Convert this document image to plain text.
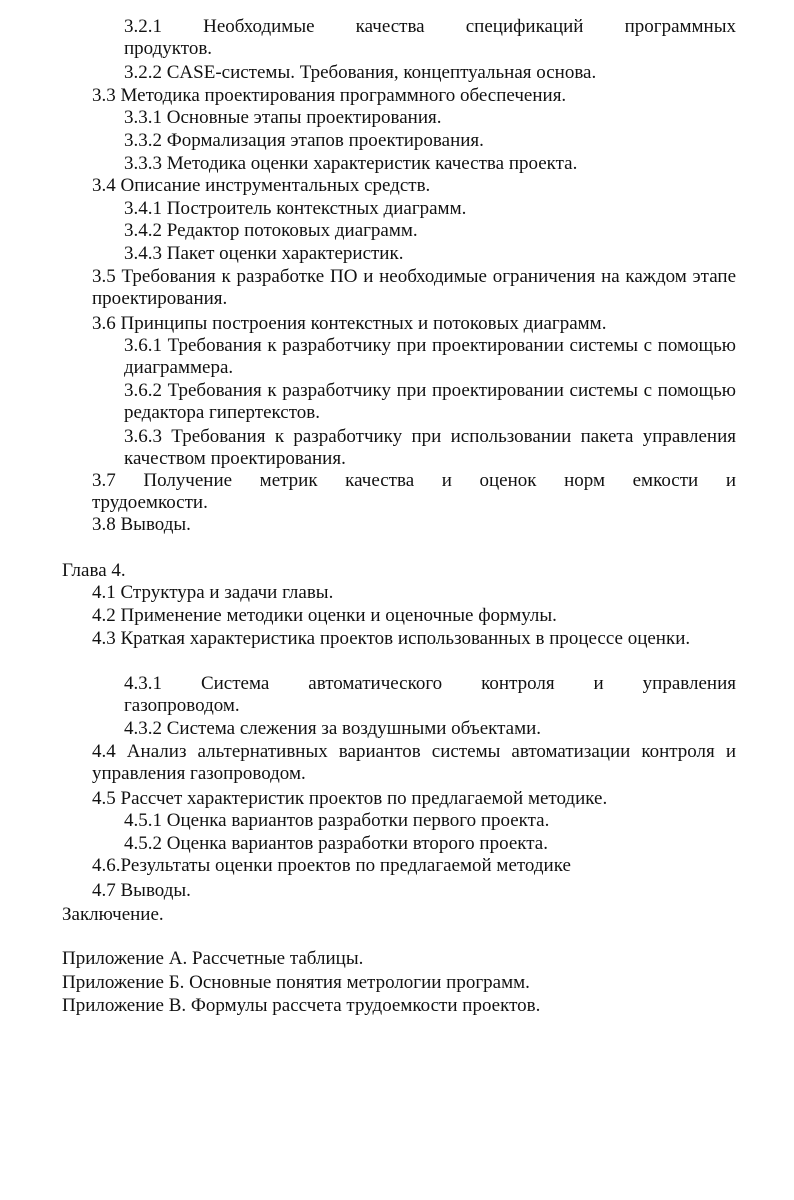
3.2.1 Необходимые качества спецификаций программных продуктов.

3.2.2 CASE-системы. Требования, концептуальная основа.

3.3 Методика проектирования программного обеспечения.

3.3.1 Основные этапы проектирования.

3.3.2 Формализация этапов проектирования.

3.3.3 Методика оценки характеристик качества проекта.

3.4 Описание инструментальных средств.

3.4.1 Построитель контекстных диаграмм.

3.4.2 Редактор потоковых диаграмм.

3.4.3 Пакет оценки характеристик.

3.5 Требования к разработке ПО и необходимые ограничения на каждом этапе проектирования.

3.6 Принципы построения контекстных и потоковых диаграмм.

3.6.1 Требования к разработчику при проектировании системы с помощью диаграммера.

3.6.2 Требования к разработчику при проектировании системы с помощью редактора гипертекстов.

3.6.3 Требования к разработчику при использовании пакета управления качеством проектирования.

3.7 Получение метрик качества и оценок норм емкости и трудоемкости.

3.8 Выводы.

Глава 4.

4.1 Структура и задачи главы.

4.2 Применение методики оценки и оценочные формулы.

4.3 Краткая характеристика проектов использованных в процессе оценки.

4.3.1 Система автоматического контроля и управления газопроводом.

4.3.2 Система слежения за воздушными объектами.

4.4 Анализ альтернативных вариантов системы автоматизации контроля и управления газопроводом.

4.5 Рассчет характеристик проектов по предлагаемой методике.

4.5.1 Оценка вариантов разработки первого проекта.

4.5.2 Оценка вариантов разработки второго проекта.

4.6.Результаты оценки проектов по предлагаемой методике

4.7 Выводы.

Заключение.

Приложение А. Рассчетные таблицы.

Приложение Б. Основные понятия метрологии программ.

Приложение В. Формулы рассчета трудоемкости проектов.
